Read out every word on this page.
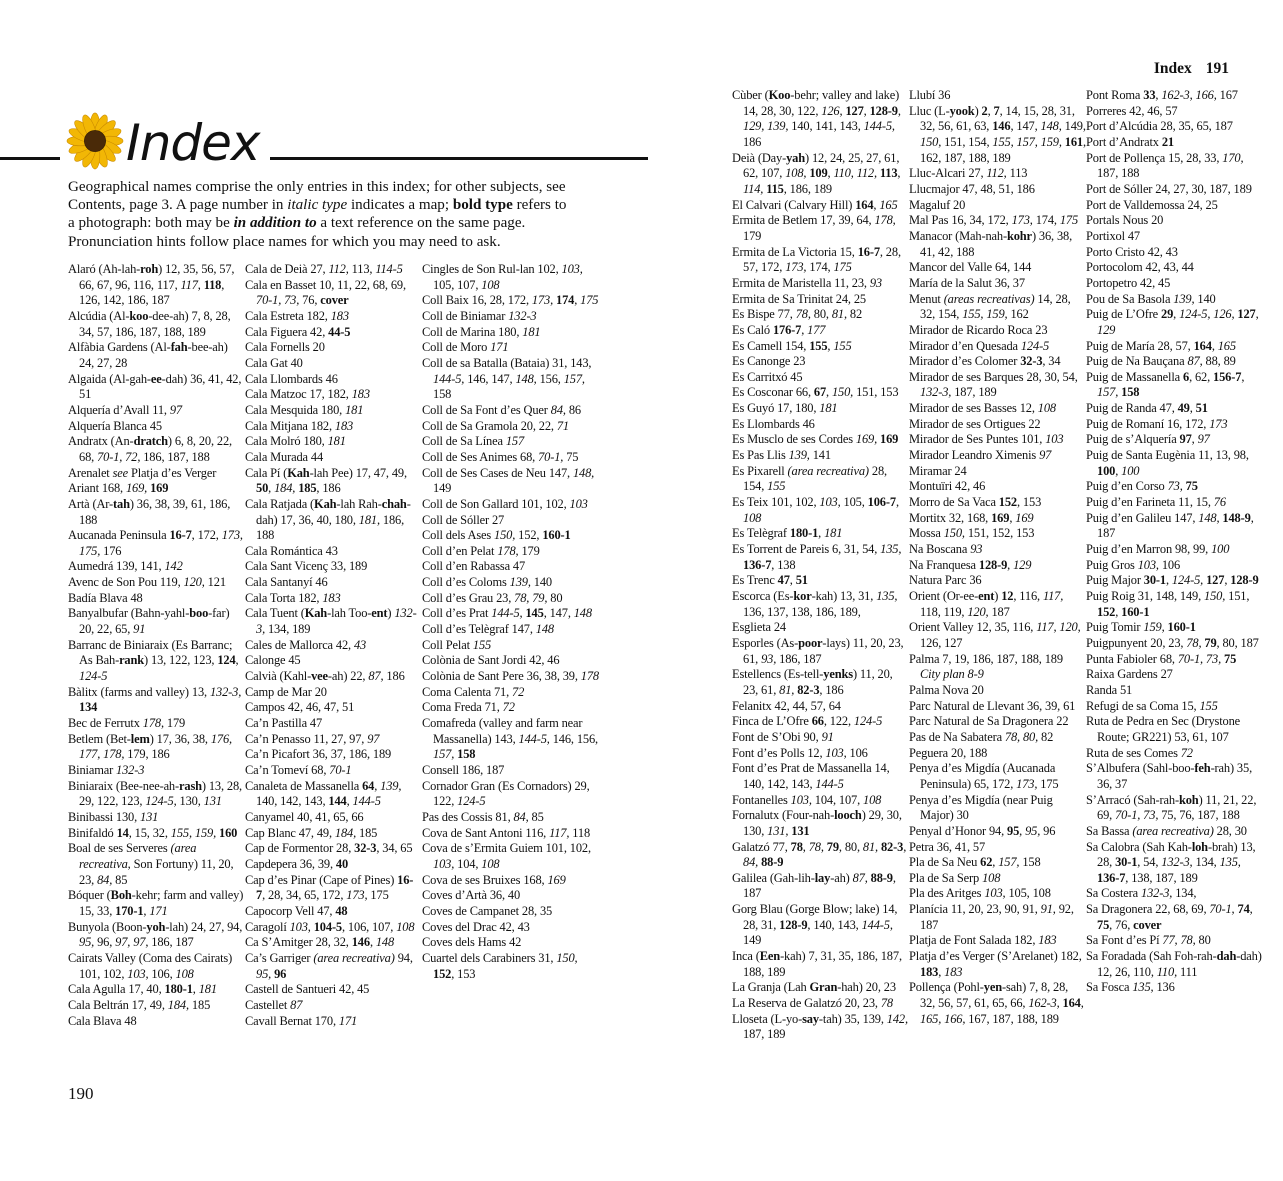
Index
Geographical names comprise the only entries in this index; for other subjects, see Contents, page 3. A page number in italic type indicates a map; bold type refers to a photograph: both may be in addition to a text reference on the same page. Pronunciation hints follow place names for which you may need to ask.
Alaró (Ah-lah-roh) 12, 35, 56, 57, 66, 67, 96, 116, 117, 117, 118, 126, 142, 186, 187
Alcúdia (Al-koo-dee-ah) 7, 8, 28, 34, 57, 186, 187, 188, 189
Alfàbia Gardens (Al-fah-bee-ah) 24, 27, 28
Algaida (Al-gah-ee-dah) 36, 41, 42, 51
Alquería d’Avall 11, 97
Alquería Blanca 45
Andratx (An-dratch) 6, 8, 20, 22, 68, 70-1, 72, 186, 187, 188
Arenalet see Platja d’es Verger
Ariant 168, 169, 169
Artà (Ar-tah) 36, 38, 39, 61, 186, 188
Aucanada Peninsula 16-7, 172, 173, 175, 176
Aumedrá 139, 141, 142
Avenc de Son Pou 119, 120, 121
Badía Blava 48
Banyalbufar (Bahn-yahl-boo-far) 20, 22, 65, 91
Barranc de Biniaraix (Es Barranc; As Bah-rank) 13, 122, 123, 124, 124-5
Bàlitx (farms and valley) 13, 132-3, 134
Bec de Ferrutx 178, 179
Betlem (Bet-lem) 17, 36, 38, 176, 177, 178, 179, 186
Biniamar 132-3
Biniaraix (Bee-nee-ah-rash) 13, 28, 29, 122, 123, 124-5, 130, 131
Binibassi 130, 131
Binifaldó 14, 15, 32, 155, 159, 160
Boal de ses Serveres (area recreativa, Son Fortuny) 11, 20, 23, 84, 85
Bóquer (Boh-kehr; farm and valley) 15, 33, 170-1, 171
Bunyola (Boon-yoh-lah) 24, 27, 94, 95, 96, 97, 97, 186, 187
Cairats Valley (Coma des Cairats) 101, 102, 103, 106, 108
Cala Agulla 17, 40, 180-1, 181
Cala Beltrán 17, 49, 184, 185
Cala Blava 48
Cala de Deià 27, 112, 113, 114-5
Cala en Basset 10, 11, 22, 68, 69, 70-1, 73, 76, cover
Cala Estreta 182, 183
Cala Figuera 42, 44-5
Cala Fornells 20
Cala Gat 40
Cala Llombards 46
Cala Matzoc 17, 182, 183
Cala Mesquida 180, 181
Cala Mitjana 182, 183
Cala Molró 180, 181
Cala Murada 44
Cala Pí (Kah-lah Pee) 17, 47, 49, 50, 184, 185, 186
Cala Ratjada (Kah-lah Rah-chah-dah) 17, 36, 40, 180, 181, 186, 188
Cala Romántica 43
Cala Sant Vicenç 33, 189
Cala Santanyí 46
Cala Torta 182, 183
Cala Tuent (Kah-lah Too-ent) 132-3, 134, 189
Cales de Mallorca 42, 43
Calonge 45
Calvià (Kahl-vee-ah) 22, 87, 186
Camp de Mar 20
Campos 42, 46, 47, 51
Ca’n Pastilla 47
Ca’n Penasso 11, 27, 97, 97
Ca’n Picafort 36, 37, 186, 189
Ca’n Tomeví 68, 70-1
Canaleta de Massanella 64, 139, 140, 142, 143, 144, 144-5
Canyamel 40, 41, 65, 66
Cap Blanc 47, 49, 184, 185
Cap de Formentor 28, 32-3, 34, 65
Capdepera 36, 39, 40
Cap d’es Pinar (Cape of Pines) 16-7, 28, 34, 65, 172, 173, 175
Capocorp Vell 47, 48
Caragolí 103, 104-5, 106, 107, 108
Ca S’Amitger 28, 32, 146, 148
Ca’s Garriger (area recreativa) 94, 95, 96
Castell de Santueri 42, 45
Castellet 87
Cavall Bernat 170, 171
Cingles de Son Rul-lan 102, 103, 105, 107, 108
Coll Baix 16, 28, 172, 173, 174, 175
Coll de Biniamar 132-3
Coll de Marina 180, 181
Coll de Moro 171
Coll de sa Batalla (Bataia) 31, 143, 144-5, 146, 147, 148, 156, 157, 158
Coll de Sa Font d’es Quer 84, 86
Coll de Sa Gramola 20, 22, 71
Coll de Sa Línea 157
Coll de Ses Animes 68, 70-1, 75
Coll de Ses Cases de Neu 147, 148, 149
Coll de Son Gallard 101, 102, 103
Coll de Sóller 27
Coll dels Ases 150, 152, 160-1
Coll d’en Pelat 178, 179
Coll d’en Rabassa 47
Coll d’es Coloms 139, 140
Coll d’es Grau 23, 78, 79, 80
Coll d’es Prat 144-5, 145, 147, 148
Coll d’es Telègraf 147, 148
Coll Pelat 155
Colònia de Sant Jordi 42, 46
Colònia de Sant Pere 36, 38, 39, 178
Coma Calenta 71, 72
Coma Freda 71, 72
Comafreda (valley and farm near Massanella) 143, 144-5, 146, 156, 157, 158
Consell 186, 187
Cornador Gran (Es Cornadors) 29, 122, 124-5
Pas des Cossis 81, 84, 85
Cova de Sant Antoni 116, 117, 118
Cova de s’Ermita Guiem 101, 102, 103, 104, 108
Cova de ses Bruixes 168, 169
Coves d’Artà 36, 40
Coves de Campanet 28, 35
Coves del Drac 42, 43
Coves dels Hams 42
Cuartel dels Carabiners 31, 150, 152, 153
190
Index 191
Cùber (Koo-behr; valley and lake) 14, 28, 30, 122, 126, 127, 128-9, 129, 139, 140, 141, 143, 144-5, 186
Deià (Day-yah) 12, 24, 25, 27, 61, 62, 107, 108, 109, 110, 112, 113, 114, 115, 186, 189
El Calvari (Calvary Hill) 164, 165
Ermita de Betlem 17, 39, 64, 178, 179
Ermita de La Victoria 15, 16-7, 28, 57, 172, 173, 174, 175
Ermita de Maristella 11, 23, 93
Ermita de Sa Trinitat 24, 25
Es Bispe 77, 78, 80, 81, 82
Es Caló 176-7, 177
Es Camell 154, 155, 155
Es Canonge 23
Es Carritxó 45
Es Cosconar 66, 67, 150, 151, 153
Es Guyó 17, 180, 181
Es Llombards 46
Es Musclo de ses Cordes 169, 169
Es Pas Llis 139, 141
Es Pixarell (area recreativa) 28, 154, 155
Es Teix 101, 102, 103, 105, 106-7, 108
Es Telègraf 180-1, 181
Es Torrent de Pareis 6, 31, 54, 135, 136-7, 138
Es Trenc 47, 51
Escorca (Es-kor-kah) 13, 31, 135, 136, 137, 138, 186, 189,
Esglieta 24
Esporles (As-poor-lays) 11, 20, 23, 61, 93, 186, 187
Estellencs (Es-tell-yenks) 11, 20, 23, 61, 81, 82-3, 186
Felanitx 42, 44, 57, 64
Finca de L’Ofre 66, 122, 124-5
Font de S’Obi 90, 91
Font d’es Polls 12, 103, 106
Font d’es Prat de Massanella 14, 140, 142, 143, 144-5
Fontanelles 103, 104, 107, 108
Fornalutx (Four-nah-looch) 29, 30, 130, 131, 131
Galatzó 77, 78, 78, 79, 80, 81, 82-3, 84, 88-9
Galilea (Gah-lih-lay-ah) 87, 88-9, 187
Gorg Blau (Gorge Blow; lake) 14, 28, 31, 128-9, 140, 143, 144-5, 149
Inca (Een-kah) 7, 31, 35, 186, 187, 188, 189
La Granja (Lah Gran-hah) 20, 23
La Reserva de Galatzó 20, 23, 78
Lloseta (L-yo-say-tah) 35, 139, 142, 187, 189
Llubí 36
Lluc (L-yook) 2, 7, 14, 15, 28, 31, 32, 56, 61, 63, 146, 147, 148, 149, 150, 151, 154, 155, 157, 159, 161, 162, 187, 188, 189
Lluc-Alcari 27, 112, 113
Llucmajor 47, 48, 51, 186
Magaluf 20
Mal Pas 16, 34, 172, 173, 174, 175
Manacor (Mah-nah-kohr) 36, 38, 41, 42, 188
Mancor del Valle 64, 144
María de la Salut 36, 37
Menut (areas recreativas) 14, 28, 32, 154, 155, 159, 162
Mirador de Ricardo Roca 23
Mirador d’en Quesada 124-5
Mirador d’es Colomer 32-3, 34
Mirador de ses Barques 28, 30, 54, 132-3, 187, 189
Mirador de ses Basses 12, 108
Mirador de ses Ortigues 22
Mirador de Ses Puntes 101, 103
Mirador Leandro Ximenis 97
Miramar 24
Montuïri 42, 46
Morro de Sa Vaca 152, 153
Mortitx 32, 168, 169, 169
Mossa 150, 151, 152, 153
Na Boscana 93
Na Franquesa 128-9, 129
Natura Parc 36
Orient (Or-ee-ent) 12, 116, 117, 118, 119, 120, 187
Orient Valley 12, 35, 116, 117, 120, 126, 127
Palma 7, 19, 186, 187, 188, 189 City plan 8-9
Palma Nova 20
Parc Natural de Llevant 36, 39, 61
Parc Natural de Sa Dragonera 22
Pas de Na Sabatera 78, 80, 82
Peguera 20, 188
Penya d’es Migdía (Aucanada Peninsula) 65, 172, 173, 175
Penya d’es Migdía (near Puig Major) 30
Penyal d’Honor 94, 95, 95, 96
Petra 36, 41, 57
Pla de Sa Neu 62, 157, 158
Pla de Sa Serp 108
Pla des Aritges 103, 105, 108
Planícia 11, 20, 23, 90, 91, 91, 92, 187
Platja de Font Salada 182, 183
Platja d’es Verger (S’Arelanet) 182, 183, 183
Pollença (Pohl-yen-sah) 7, 8, 28, 32, 56, 57, 61, 65, 66, 162-3, 164, 165, 166, 167, 187, 188, 189
Pont Roma 33, 162-3, 166, 167
Porreres 42, 46, 57
Port d’Alcúdia 28, 35, 65, 187
Port d’Andratx 21
Port de Pollença 15, 28, 33, 170, 187, 188
Port de Sóller 24, 27, 30, 187, 189
Port de Valldemossa 24, 25
Portals Nous 20
Portixol 47
Porto Cristo 42, 43
Portocolom 42, 43, 44
Portopetro 42, 45
Pou de Sa Basola 139, 140
Puig de L’Ofre 29, 124-5, 126, 127, 129
Puig de María 28, 57, 164, 165
Puig de Na Bauçana 87, 88, 89
Puig de Massanella 6, 62, 156-7, 157, 158
Puig de Randa 47, 49, 51
Puig de Romaní 16, 172, 173
Puig de s’Alquería 97, 97
Puig de Santa Eugènia 11, 13, 98, 100, 100
Puig d’en Corso 73, 75
Puig d’en Farineta 11, 15, 76
Puig d’en Galileu 147, 148, 148-9, 187
Puig d’en Marron 98, 99, 100
Puig Gros 103, 106
Puig Major 30-1, 124-5, 127, 128-9
Puig Roig 31, 148, 149, 150, 151, 152, 160-1
Puig Tomir 159, 160-1
Puigpunyent 20, 23, 78, 79, 80, 187
Punta Fabioler 68, 70-1, 73, 75
Raixa Gardens 27
Randa 51
Refugi de sa Coma 15, 155
Ruta de Pedra en Sec (Drystone Route; GR221) 53, 61, 107
Ruta de ses Comes 72
S’Albufera (Sahl-boo-feh-rah) 35, 36, 37
S’Arracó (Sah-rah-koh) 11, 21, 22, 69, 70-1, 73, 75, 76, 187, 188
Sa Bassa (area recreativa) 28, 30
Sa Calobra (Sah Kah-loh-brah) 13, 28, 30-1, 54, 132-3, 134, 135, 136-7, 138, 187, 189
Sa Costera 132-3, 134,
Sa Dragonera 22, 68, 69, 70-1, 74, 75, 76, cover
Sa Font d’es Pí 77, 78, 80
Sa Foradada (Sah Foh-rah-dah-dah) 12, 26, 110, 110, 111
Sa Fosca 135, 136
